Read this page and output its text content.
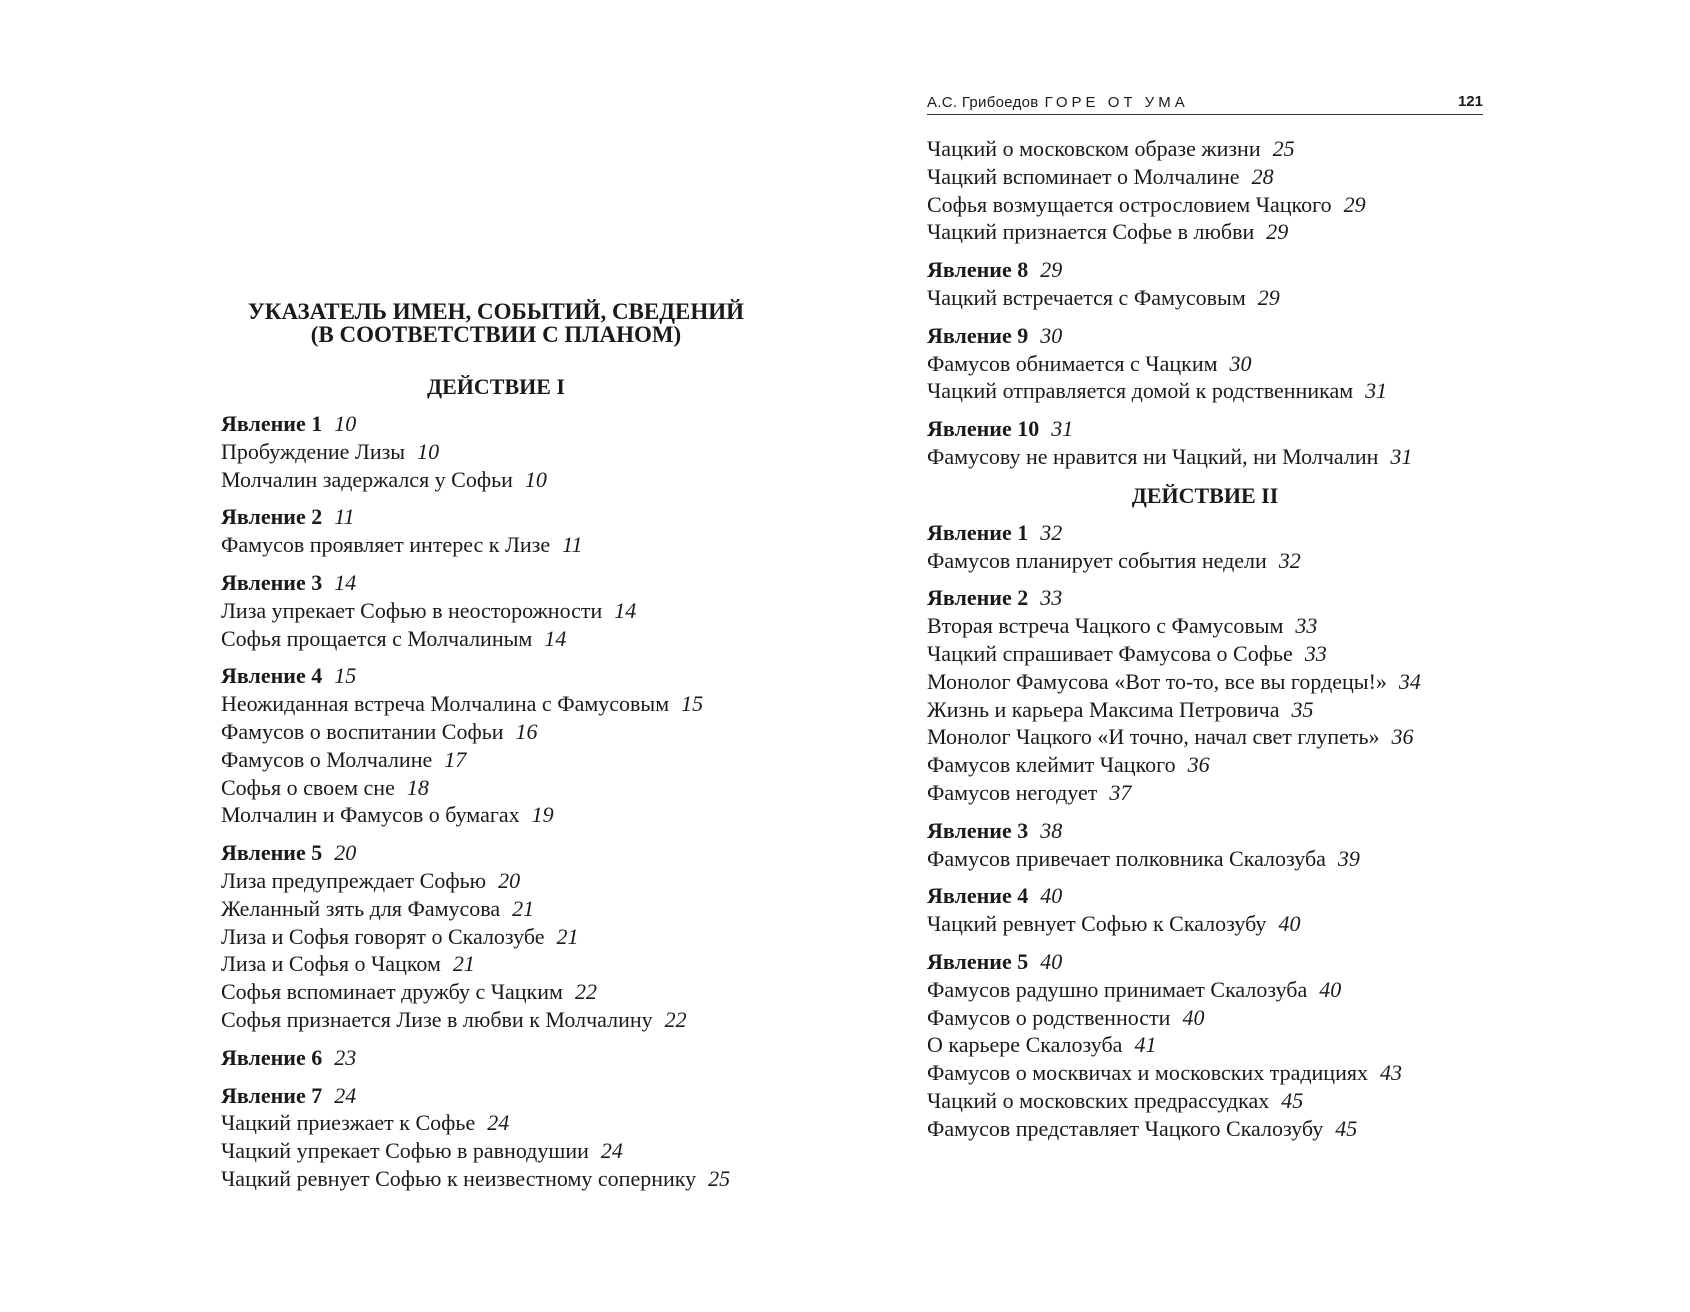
УКАЗАТЕЛЬ ИМЕН, СОБЫТИЙ, СВЕДЕНИЙ
(В СООТВЕТСТВИИ С ПЛАНОМ)
ДЕЙСТВИЕ I
Явление 1 10
Пробуждение Лизы 10
Молчалин задержался у Софьи 10
Явление 2 11
Фамусов проявляет интерес к Лизе 11
Явление 3 14
Лиза упрекает Софью в неосторожности 14
Софья прощается с Молчалиным 14
Явление 4 15
Неожиданная встреча Молчалина с Фамусовым 15
Фамусов о воспитании Софьи 16
Фамусов о Молчалине 17
Софья о своем сне 18
Молчалин и Фамусов о бумагах 19
Явление 5 20
Лиза предупреждает Софью 20
Желанный зять для Фамусова 21
Лиза и Софья говорят о Скалозубе 21
Лиза и Софья о Чацком 21
Софья вспоминает дружбу с Чацким 22
Софья признается Лизе в любви к Молчалину 22
Явление 6 23
Явление 7 24
Чацкий приезжает к Софье 24
Чацкий упрекает Софью в равнодушии 24
Чацкий ревнует Софью к неизвестному сопернику 25
А.С. Грибоедов ГОРЕ ОТ УМА	121
Чацкий о московском образе жизни 25
Чацкий вспоминает о Молчалине 28
Софья возмущается острословием Чацкого 29
Чацкий признается Софье в любви 29
Явление 8 29
Чацкий встречается с Фамусовым 29
Явление 9 30
Фамусов обнимается с Чацким 30
Чацкий отправляется домой к родственникам 31
Явление 10 31
Фамусову не нравится ни Чацкий, ни Молчалин 31
ДЕЙСТВИЕ II
Явление 1 32
Фамусов планирует события недели 32
Явление 2 33
Вторая встреча Чацкого с Фамусовым 33
Чацкий спрашивает Фамусова о Софье 33
Монолог Фамусова «Вот то-то, все вы гордецы!» 34
Жизнь и карьера Максима Петровича 35
Монолог Чацкого «И точно, начал свет глупеть» 36
Фамусов клеймит Чацкого 36
Фамусов негодует 37
Явление 3 38
Фамусов привечает полковника Скалозуба 39
Явление 4 40
Чацкий ревнует Софью к Скалозубу 40
Явление 5 40
Фамусов радушно принимает Скалозуба 40
Фамусов о родственности 40
О карьере Скалозуба 41
Фамусов о москвичах и московских традициях 43
Чацкий о московских предрассудках 45
Фамусов представляет Чацкого Скалозубу 45
